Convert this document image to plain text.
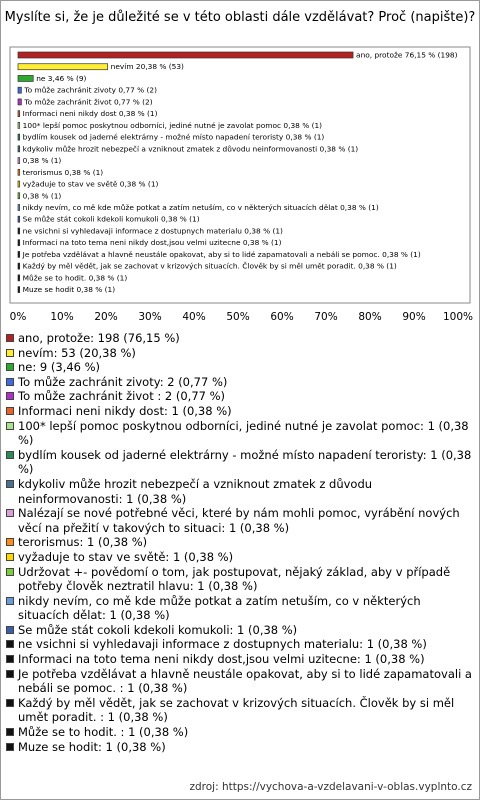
Myslíte si, že je důležité se v této oblasti dále vzdělávat? Proč (napište)?
ano, protože 76,15 % (198)
nevím 20,38 % (53)
ne 3,46 % (9)
To může zachránit zivoty 0,77 % (2)
To může zachránit život 0,77 % (2)
Informaci neni nikdy dost 0,38 % (1)
100* lepší pomoc poskytnou odborníci, jediné nutné je zavolat pomoc 0,38 % (1)
bydlím kousek od jaderné elektrárny - možné místo napadení teroristy 0,38 % (1)
kdykoliv může hrozit nebezpečí a vzniknout zmatek z důvodu neinformovanosti 0,38 % (1)
0,38 % (1)
terorismus 0,38 % (1)
vyžaduje to stav ve světě 0,38 % (1)
0,38 % (1)
nikdy nevím, co mě kde může potkat a zatím netuším, co v některých situacích dělat 0,38 % (1)
Se může stát cokoli kdekoli komukoli 0,38 % (1)
ne vsichni si vyhledavaji informace z dostupnych materialu 0,38 % (1)
Informaci na toto tema neni nikdy dost,jsou velmi uzitecne 0,38 % (1)
Je potřeba vzdělávat a hlavně neustále opakovat, aby si to lidé zapamatovali a nebáli se pomoc. 0,38 % (1)
Každý by měl vědět, jak se zachovat v krizových situacích. Člověk by si měl umět poradit. 0,38 % (1)
Může se to hodit. 0,38 % (1)
Muze se hodit 0,38 % (1)
0% 10% 20% 30% 40% 50% 60% 70% 80% 90% 100%
ano, protože: 198 (76,15 %)
nevím: 53 (20,38 %)
ne: 9 (3,46 %)
To může zachránit zivoty: 2 (0,77 %)
To může zachránit život : 2 (0,77 %)
Informaci neni nikdy dost: 1 (0,38 %)
100* lepší pomoc poskytnou odborníci, jediné nutné je zavolat pomoc: 1 (0,38 %)
bydlím kousek od jaderné elektrárny - možné místo napadení teroristy: 1 (0,38 %)
kdykoliv může hrozit nebezpečí a vzniknout zmatek z důvodu neinformovanosti: 1 (0,38 %)
Nalézají se nové potřebné věci, které by nám mohli pomoc, vyrábění nových věcí na přežití v takových to situaci: 1 (0,38 %)
terorismus: 1 (0,38 %)
vyžaduje to stav ve světě: 1 (0,38 %)
Udržovat +- povědomí o tom, jak postupovat, nějaký základ, aby v případě potřeby člověk neztratil hlavu: 1 (0,38 %)
nikdy nevím, co mě kde může potkat a zatím netuším, co v některých situacích dělat: 1 (0,38 %)
Se může stát cokoli kdekoli komukoli: 1 (0,38 %)
ne vsichni si vyhledavaji informace z dostupnych materialu: 1 (0,38 %)
Informaci na toto tema neni nikdy dost,jsou velmi uzitecne: 1 (0,38 %)
Je potřeba vzdělávat a hlavně neustále opakovat, aby si to lidé zapamatovali a nebáli se pomoc. : 1 (0,38 %)
Každý by měl vědět, jak se zachovat v krizových situacích. Člověk by si měl umět poradit. : 1 (0,38 %)
Může se to hodit. : 1 (0,38 %)
Muze se hodit: 1 (0,38 %)
zdroj: https://vychova-a-vzdelavani-v-oblas.vyplnto.cz
